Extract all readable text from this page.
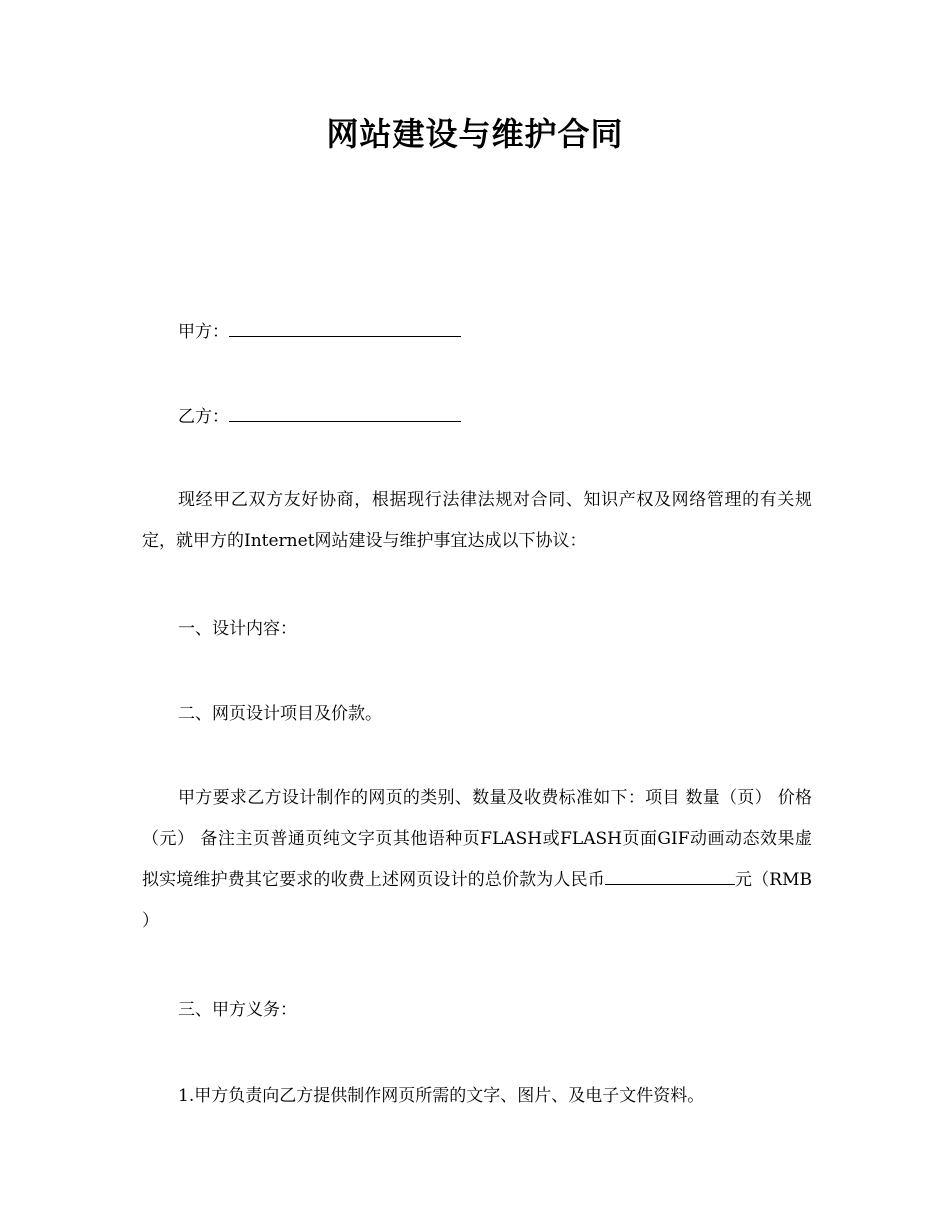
网站建设与维护合同
甲方：
乙方：
现经甲乙双方友好协商，根据现行法律法规对合同、知识产权及网络管理的有关规定，就甲方的Internet网站建设与维护事宜达成以下协议：
一、设计内容：
二、网页设计项目及价款。
甲方要求乙方设计制作的网页的类别、数量及收费标准如下：项目 数量（页） 价格（元） 备注主页普通页纯文字页其他语种页FLASH或FLASH页面GIF动画动态效果虚拟实境维护费其它要求的收费上述网页设计的总价款为人民币	元（RMB ）
三、甲方义务：
1.甲方负责向乙方提供制作网页所需的文字、图片、及电子文件资料。
